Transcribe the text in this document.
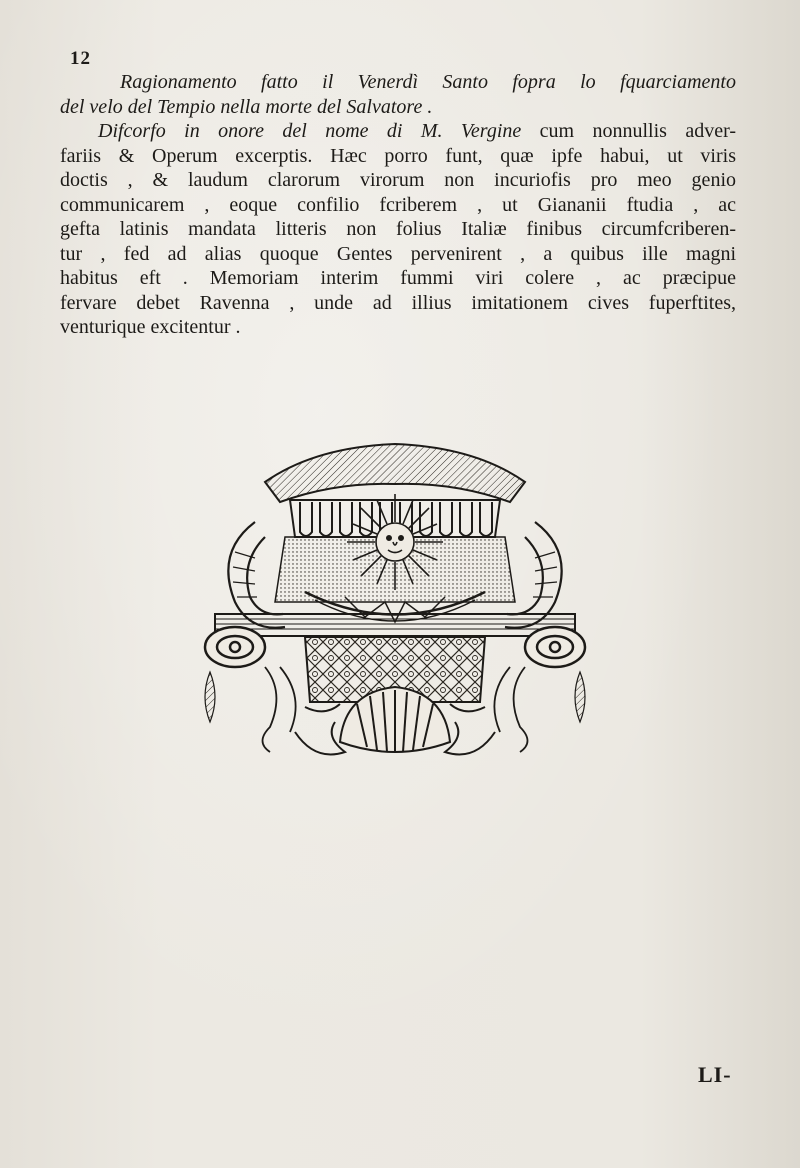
12
Ragionamento fatto il Venerdì Santo fopra lo fquarciamento
del velo del Tempio nella morte del Salvatore .
Difcorfo in onore del nome di M. Vergine cum nonnullis adver-
fariis & Operum excerptis. Hæc porro funt, quæ ipfe habui, ut viris
doctis , & laudum clarorum virorum non incuriofis pro meo genio
communicarem , eoque confilio fcriberem , ut Giananii ftudia , ac
gefta latinis mandata litteris non folius Italiæ finibus circumfcriberen-
tur , fed ad alias quoque Gentes pervenirent , a quibus ille magni
habitus eft . Memoriam interim fummi viri colere , ac præcipue
fervare debet Ravenna , unde ad illius imitationem cives fuperftites,
venturique excitentur .
LI-
